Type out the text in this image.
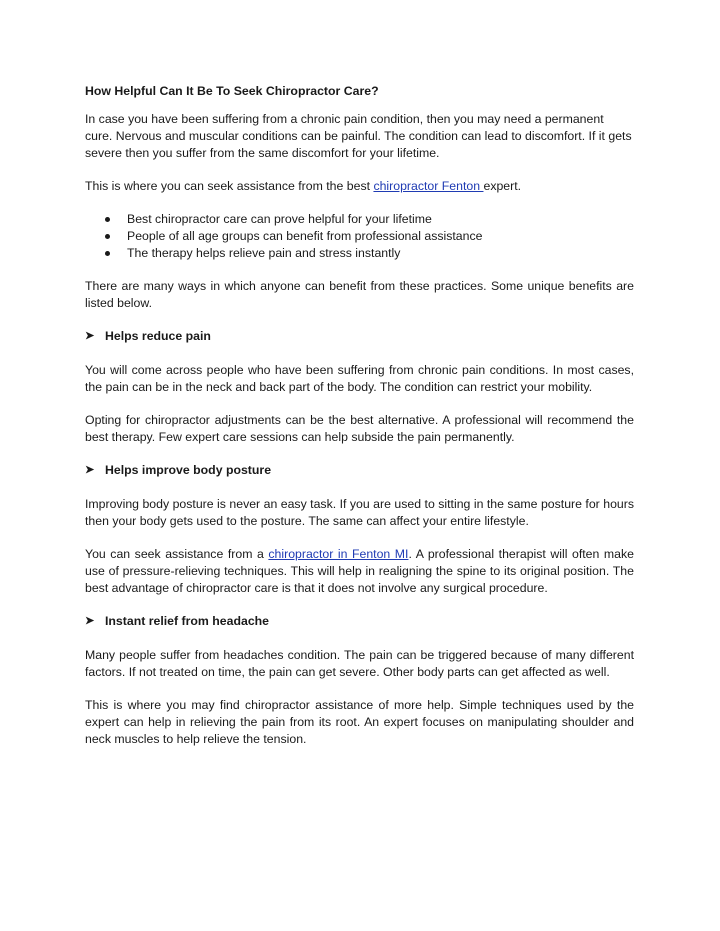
How Helpful Can It Be To Seek Chiropractor Care?

In case you have been suffering from a chronic pain condition, then you may need a permanent cure. Nervous and muscular conditions can be painful. The condition can lead to discomfort. If it gets severe then you suffer from the same discomfort for your lifetime.

This is where you can seek assistance from the best chiropractor Fenton expert.

Best chiropractor care can prove helpful for your lifetime
People of all age groups can benefit from professional assistance
The therapy helps relieve pain and stress instantly

There are many ways in which anyone can benefit from these practices. Some unique benefits are listed below.

➤ Helps reduce pain

You will come across people who have been suffering from chronic pain conditions. In most cases, the pain can be in the neck and back part of the body. The condition can restrict your mobility.

Opting for chiropractor adjustments can be the best alternative. A professional will recommend the best therapy. Few expert care sessions can help subside the pain permanently.

➤ Helps improve body posture

Improving body posture is never an easy task. If you are used to sitting in the same posture for hours then your body gets used to the posture. The same can affect your entire lifestyle.

You can seek assistance from a chiropractor in Fenton MI. A professional therapist will often make use of pressure-relieving techniques. This will help in realigning the spine to its original position. The best advantage of chiropractor care is that it does not involve any surgical procedure.

➤ Instant relief from headache

Many people suffer from headaches condition. The pain can be triggered because of many different factors. If not treated on time, the pain can get severe. Other body parts can get affected as well.

This is where you may find chiropractor assistance of more help. Simple techniques used by the expert can help in relieving the pain from its root. An expert focuses on manipulating shoulder and neck muscles to help relieve the tension.
